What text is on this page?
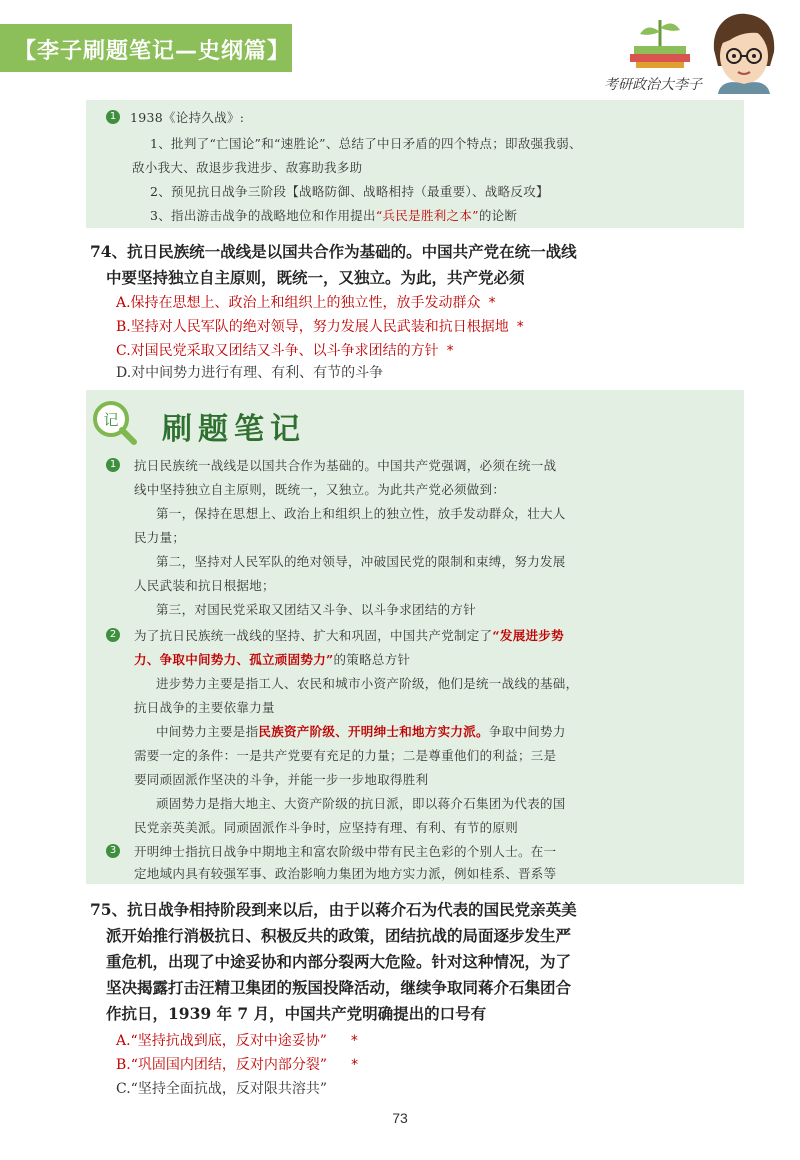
【李子刷题笔记—史纲篇】
考研政治大李子
1	1938《论持久战》:
1、批判了“亡国论”和“速胜论”、总结了中日矛盾的四个特点；即敌强我弱、
敌小我大、敌退步我进步、敌寡助我多助
2、预见抗日战争三阶段【战略防御、战略相持（最重要）、战略反攻】
3、指出游击战争的战略地位和作用提出“兵民是胜利之本”的论断
74、抗日民族统一战线是以国共合作为基础的。中国共产党在统一战线
中要坚持独立自主原则，既统一，又独立。为此，共产党必须
A.保持在思想上、政治上和组织上的独立性，放手发动群众 *
B.坚持对人民军队的绝对领导，努力发展人民武装和抗日根据地 *
C.对国民党采取又团结又斗争、以斗争求团结的方针 *
D.对中间势力进行有理、有利、有节的斗争
记 刷题笔记
1	抗日民族统一战线是以国共合作为基础的。中国共产党强调，必须在统一战
线中坚持独立自主原则，既统一，又独立。为此共产党必须做到：
第一，保持在思想上、政治上和组织上的独立性，放手发动群众，壮大人
民力量；
第二，坚持对人民军队的绝对领导，冲破国民党的限制和束缚，努力发展
人民武装和抗日根据地；
第三，对国民党采取又团结又斗争、以斗争求团结的方针
2	为了抗日民族统一战线的坚持、扩大和巩固，中国共产党制定了“发展进步势
力、争取中间势力、孤立顽固势力”的策略总方针
进步势力主要是指工人、农民和城市小资产阶级，他们是统一战线的基础，
抗日战争的主要依靠力量
中间势力主要是指民族资产阶级、开明绅士和地方实力派。争取中间势力
需要一定的条件：一是共产党要有充足的力量；二是尊重他们的利益；三是
要同顽固派作坚决的斗争，并能一步一步地取得胜利
顽固势力是指大地主、大资产阶级的抗日派，即以蒋介石集团为代表的国
民党亲英美派。同顽固派作斗争时，应坚持有理、有利、有节的原则
3	开明绅士指抗日战争中期地主和富农阶级中带有民主色彩的个别人士。在一
定地域内具有较强军事、政治影响力集团为地方实力派，例如桂系、晋系等
75、抗日战争相持阶段到来以后，由于以蒋介石为代表的国民党亲英美
派开始推行消极抗日、积极反共的政策，团结抗战的局面逐步发生严
重危机，出现了中途妥协和内部分裂两大危险。针对这种情况，为了
坚决揭露打击汪精卫集团的叛国投降活动，继续争取同蒋介石集团合
作抗日，1939 年 7 月，中国共产党明确提出的口号有
A.“坚持抗战到底，反对中途妥协” *
B.“巩固国内团结，反对内部分裂” *
C.“坚持全面抗战，反对限共溶共”
73
